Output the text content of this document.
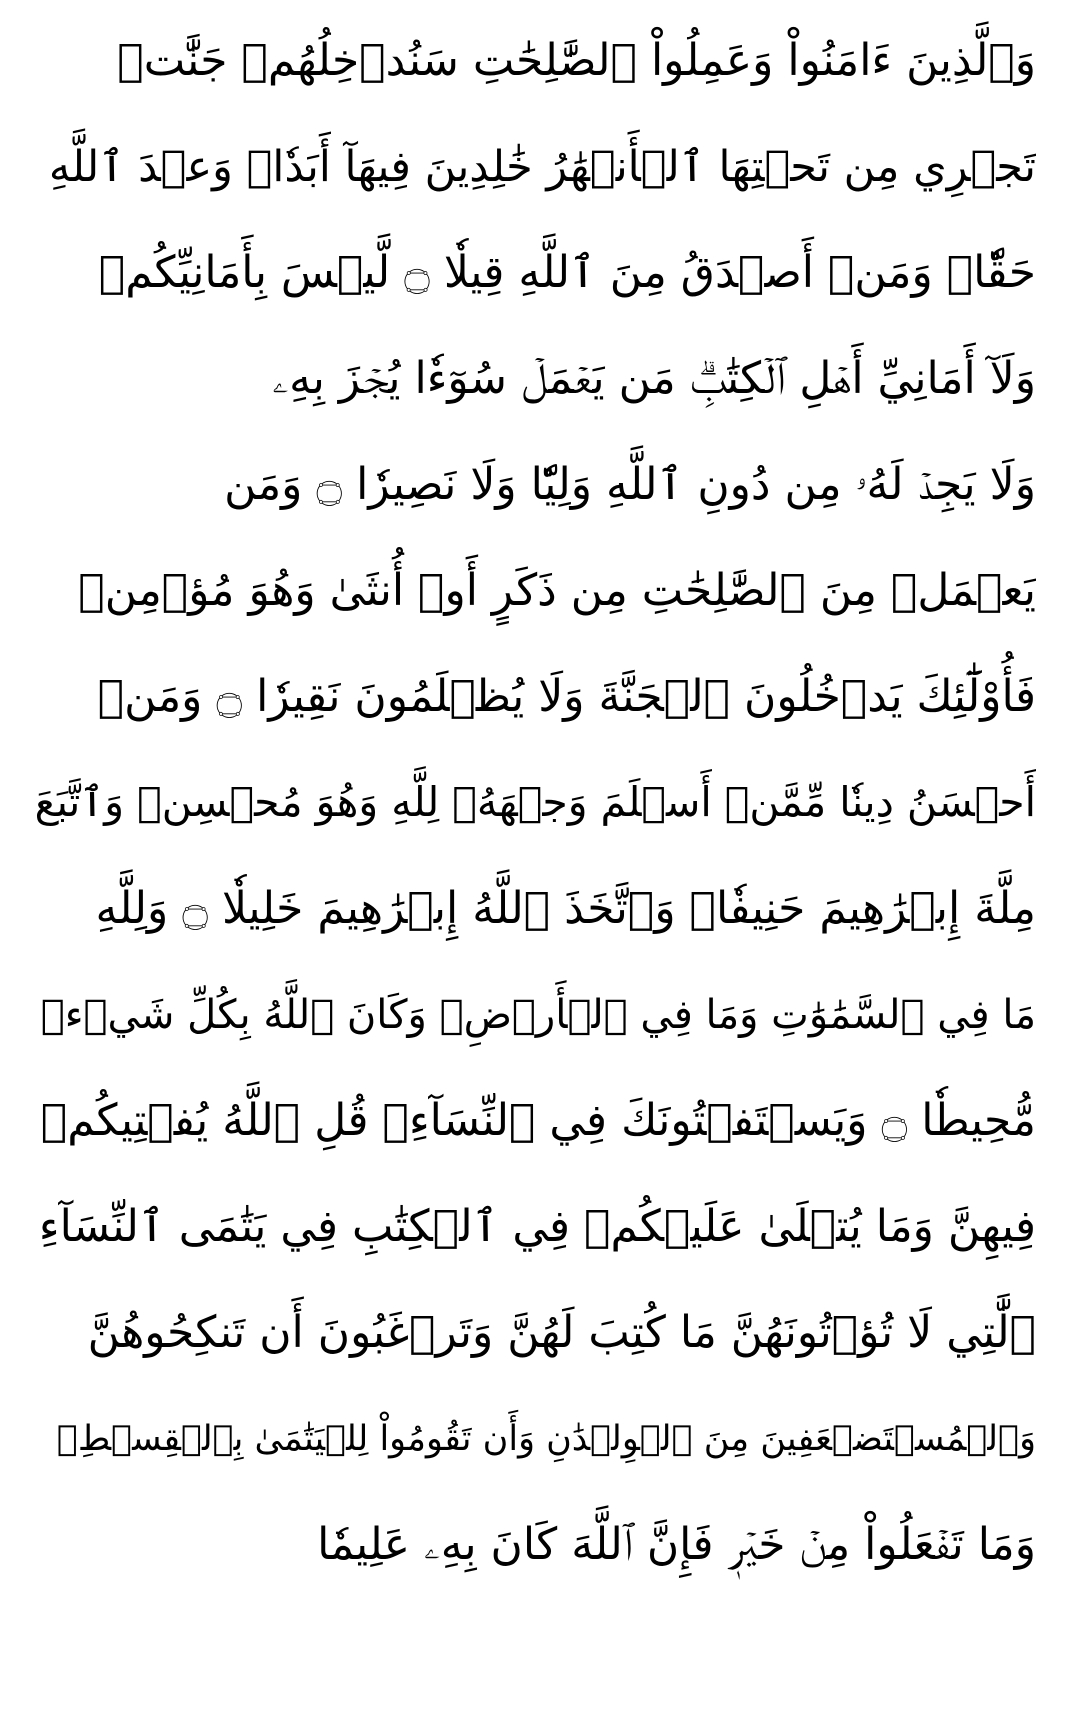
وَٱلَّذِينَ ءَامَنُواْ وَعَمِلُواْ ٱلصَّٰلِحَٰتِ سَنُدۡخِلُهُمۡ جَنَّٰتٖ
تَجۡرِي مِن تَحۡتِهَا ٱلۡأَنۡهَٰرُ خَٰلِدِينَ فِيهَآ أَبَدٗاۖ وَعۡدَ ٱللَّهِ
حَقّٗاۚ وَمَنۡ أَصۡدَقُ مِنَ ٱللَّهِ قِيلٗا ۝ لَّيۡسَ بِأَمَانِيِّكُمۡ
وَلَآ أَمَانِيِّ أَهۡلِ ٱلۡكِتَٰبِۗ مَن يَعۡمَلۡ سُوٓءٗا يُجۡزَ بِهِۦ
وَلَا يَجِدۡ لَهُۥ مِن دُونِ ٱللَّهِ وَلِيّٗا وَلَا نَصِيرٗا ۝ وَمَن
يَعۡمَلۡ مِنَ ٱلصَّٰلِحَٰتِ مِن ذَكَرٍ أَوۡ أُنثَىٰ وَهُوَ مُؤۡمِنٞ
فَأُوْلَٰٓئِكَ يَدۡخُلُونَ ٱلۡجَنَّةَ وَلَا يُظۡلَمُونَ نَقِيرٗا ۝ وَمَنۡ
أَحۡسَنُ دِينٗا مِّمَّنۡ أَسۡلَمَ وَجۡهَهُۥ لِلَّهِ وَهُوَ مُحۡسِنٞ وَٱتَّبَعَ
مِلَّةَ إِبۡرَٰهِيمَ حَنِيفٗاۗ وَٱتَّخَذَ ٱللَّهُ إِبۡرَٰهِيمَ خَلِيلٗا ۝ وَلِلَّهِ
مَا فِي ٱلسَّمَٰوَٰتِ وَمَا فِي ٱلۡأَرۡضِۚ وَكَانَ ٱللَّهُ بِكُلِّ شَيۡءٖ
مُّحِيطٗا ۝ وَيَسۡتَفۡتُونَكَ فِي ٱلنِّسَآءِۖ قُلِ ٱللَّهُ يُفۡتِيكُمۡ
فِيهِنَّ وَمَا يُتۡلَىٰ عَلَيۡكُمۡ فِي ٱلۡكِتَٰبِ فِي يَتَٰمَى ٱلنِّسَآءِ
ٱلَّٰتِي لَا تُؤۡتُونَهُنَّ مَا كُتِبَ لَهُنَّ وَتَرۡغَبُونَ أَن تَنكِحُوهُنَّ
وَٱلۡمُسۡتَضۡعَفِينَ مِنَ ٱلۡوِلۡدَٰنِ وَأَن تَقُومُواْ لِلۡيَتَٰمَىٰ بِٱلۡقِسۡطِۚ
وَمَا تَفۡعَلُواْ مِنۡ خَيۡرٖ فَإِنَّ ٱللَّهَ كَانَ بِهِۦ عَلِيمٗا
